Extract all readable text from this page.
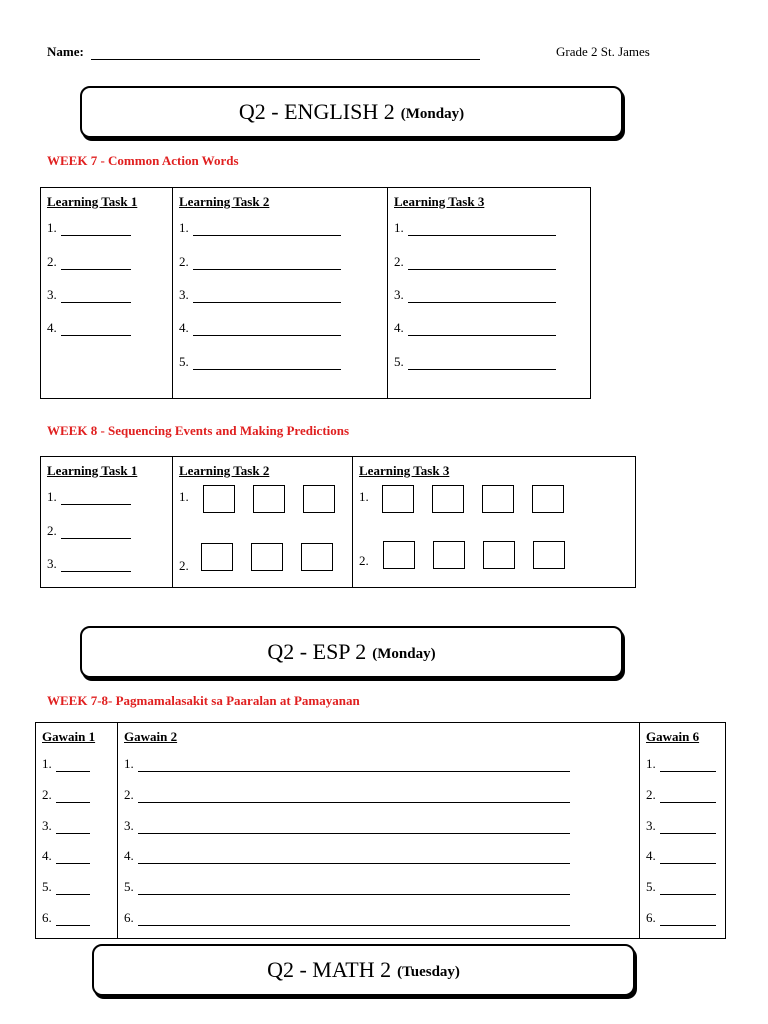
Name:	Grade 2 St. James
Q2 - ENGLISH 2 (Monday)
WEEK 7 - Common Action Words
Learning Task 1
1.
2.
3.
4.
Learning Task 2
1.
2.
3.
4.
5.
Learning Task 3
1.
2.
3.
4.
5.
WEEK 8 - Sequencing Events and Making Predictions
Learning Task 1
1.
2.
3.
Learning Task 2
1.
2.
Learning Task 3
1.
2.
Q2 - ESP 2 (Monday)
WEEK 7-8- Pagmamalasakit sa Paaralan at Pamayanan
Gawain 1
1.
2.
3.
4.
5.
6.
Gawain 2
1.
2.
3.
4.
5.
6.
Gawain 6
1.
2.
3.
4.
5.
6.
Q2 - MATH 2 (Tuesday)
